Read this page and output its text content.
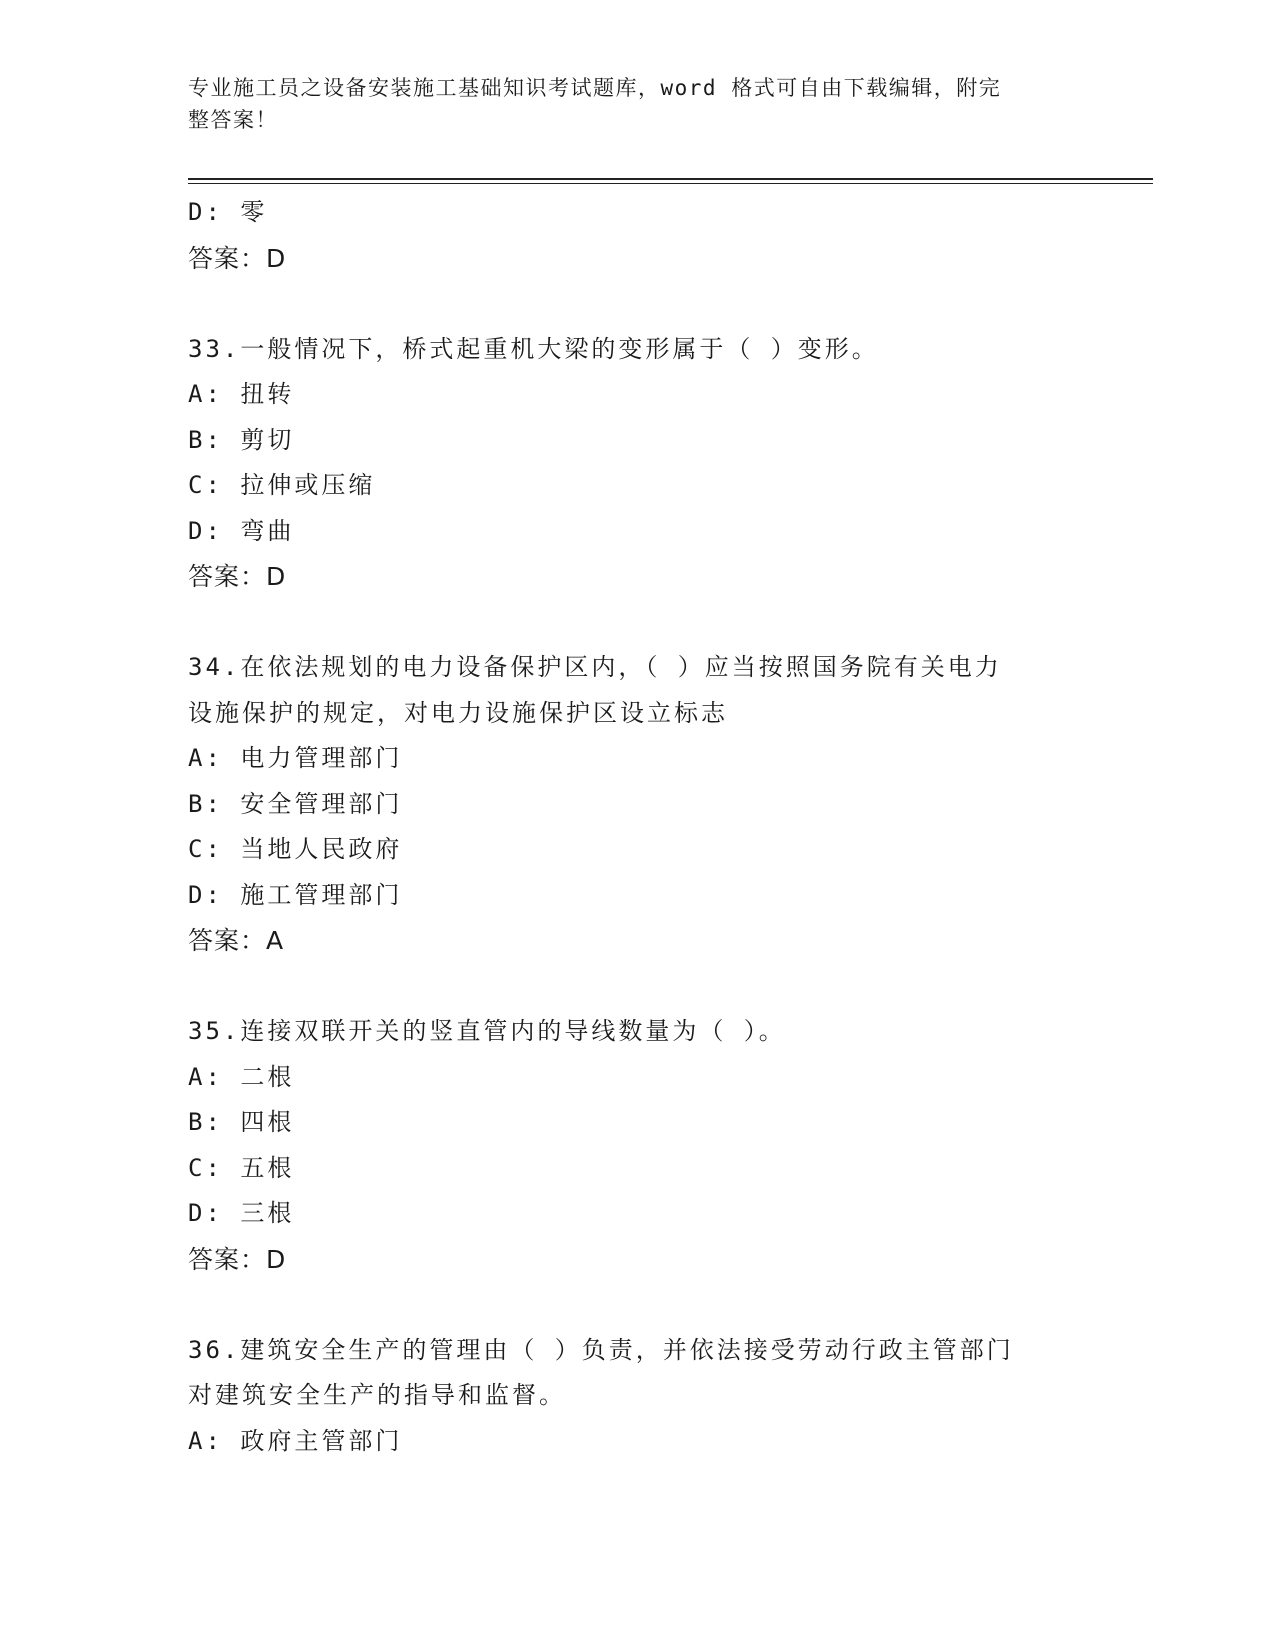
专业施工员之设备安装施工基础知识考试题库，word 格式可自由下载编辑，附完
整答案！
D: 零
答案：D
33.一般情况下，桥式起重机大梁的变形属于（ ）变形。
A: 扭转
B: 剪切
C: 拉伸或压缩
D: 弯曲
答案：D
34.在依法规划的电力设备保护区内，（ ）应当按照国务院有关电力
设施保护的规定，对电力设施保护区设立标志
A: 电力管理部门
B: 安全管理部门
C: 当地人民政府
D: 施工管理部门
答案：A
35.连接双联开关的竖直管内的导线数量为（ ）。
A: 二根
B: 四根
C: 五根
D: 三根
答案：D
36.建筑安全生产的管理由（ ）负责，并依法接受劳动行政主管部门
对建筑安全生产的指导和监督。
A: 政府主管部门
